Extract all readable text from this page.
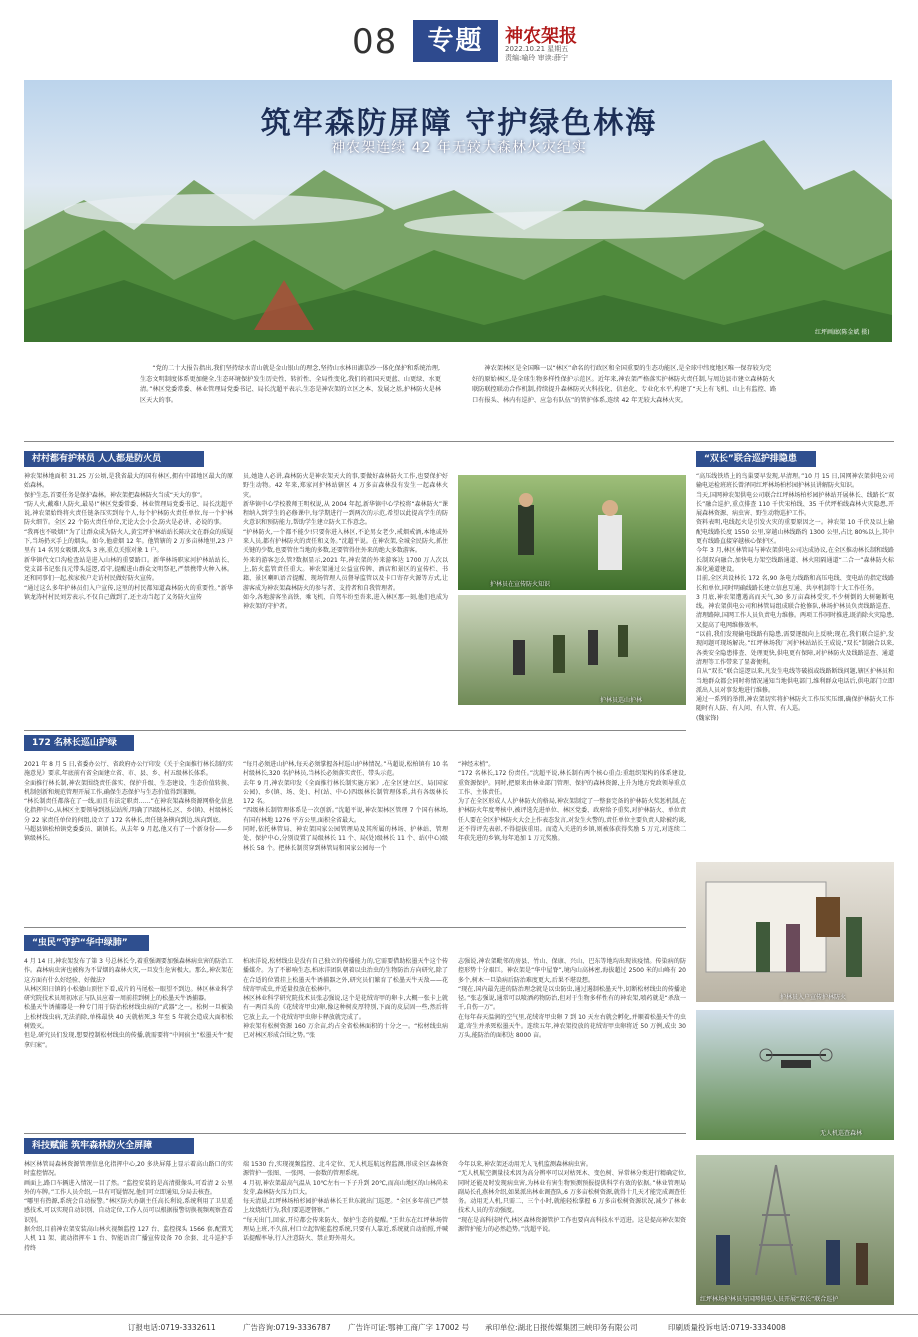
08	专题	神农架报
2022.10.21 星期五
责编:喻玲 审读:薛宁
筑牢森防屏障 守护绿色林海
神农架连续 42 年无较大森林火灾纪实
红坪画廊(陈金斌 摄)
“党的二十大报告指出,我们坚持绿水青山就是金山银山的理念,坚持山水林田湖草沙一体化保护和系统治理,生态文明制度体系更加健全,生态环境保护发生历史性、转折性、全局性变化,我们的祖国天更蓝、山更绿、水更清。”林区党委常委、林业管理局党委书记、局长沈超平表示,生态是神农架的立区之本、发展之基,护林防火是林区天大的事。
神农架林区是全国唯一以“林区”命名的行政区和全国重要的生态功能区,是全球中纬度地区唯一保存较为完好的原始林区,是全球生物多样性保护示范区。近年来,神农架严格落实护林防火责任制,与周边县市建立森林防火联防联控联动合作机制,持续提升森林防灭火科技化、信息化、专业化水平,构建了“天上有飞机、山上有监控、路口有报头、林内有巡护、应急有队伍”的管护体系,连续 42 年无较大森林火灾。
村村都有护林员 人人都是防火员
神农架林地面积 31.25 万公顷,是我省最大的国有林区,拥有中部地区最大的原始森林。
保护生态,首要任务是保护森林。神农架把森林防火当成“天大的事”。
“防人火,戴难!人防火,最易!”林区党委常委、林业管理局党委书记、局长沈超平说,神农架始终将火责任链条压实到每个人,每个护林防火责任单位,每一个护林防火细节。全区 22 个防火责任单位,无论大会小会,防火是必讲、必说的事。
“我再也不吸烟!”为了让群众成为防火人,黄宝坪护林站站长陈庆文在群众的质疑下,当场扔灭手上的烟头。如今,他虚烟 12 年。他管辖的 2 万多亩林地里,23 户里有 14 名男女吸烟,坎头 3 座,重点关照对象 1 户。
新华镇代文口沟检查站是进入山林的重要路口。新华林场职家河护林站站长、党支部书记张良元带头巡逻,看守,提醒进山群众文明祭祀,严禁携带火种入林。还和同事们一起,挨家挨户走访村民做好防火宣传。
“通过这么多年护林员们入户宣传,这里的村民都知道森林防火的重要性。”新华镇龙涛村村民刘芳表示,不仅自己做到了,还主动当起了义务防火宣传
员,她逢人必讲,森林防火是神农架天大的事,要做好森林防火工作,也要保护好野生动物。42 年来,郑家河护林站辖区 4 万多亩森林没有发生一起森林火灾。
新华镇中心学校教师王明权说,从 2004 年起,新华镇中心学校将“森林防火”课程纳入到学生的必修课中,每学期进行一到两次的示范,希望以此提高学生的防火意识和预防能力,帮助学生建立防火工作意念。
“护林防火,一个都不能少!只要你进入林区,不论男女老少,戒烟戒酒,本地或外来人员,都有护林防火的责任和义务。”沈超平说。在神农架,全城全民防火,抓住关键的少数,也要管住当地的多数,还要管得住外来的绝大多数游客。
外来的游客怎么管?数据显示,2021 年,神农架的外来游客达 1700 万人次以上,防火监管责任重大。神农架通过公益宣传牌、酒店和景区的宣传栏、书籍、景区喇叭语音提醒、现场管理人员督导监管以及卡口寄存火源等方式,让游客成为神农架森林防火的参与者、支持者和自我管理者。
如今,各地游客坐高铁、乘飞机、自驾车纷至沓来,进入林区那一刻,他们也成为神农架的守护者。
护林员在宣传防火知识
护林员巡山护林
“双长”联合巡护排隐患
“高压线铁塔上的鸟巢要早发现,早清理。”10 月 15 日,国网神农架供电公司输电运检班班长曾泽同红坪林场柏杉园护林员讲解防火知识。
当天,国网神农架供电公司联合红坪林场柏杉园护林站开展林长、线路长“双长”融合巡护,重点排查 110 千伏宋柏线、35 千伏坪柏线森林火灾隐患,开展森林资源、病虫害、野生动物巡护工作。
资料表明,电线起火是引发火灾的重要原因之一。神农架 10 千伏及以上输配电线路长度 1550 公里,穿越山林线路约 1300 公里,占比 80%以上,其中更有线路直接穿越核心保护区。
今年 3 月,林区林管局与神农架供电公司达成协议,在全区推动林长制和线路长制双向融合,加快电力架空线路通道、林火阻隔通道“二合一”森林防火标准化通道建设。
目前,全区共设林长 172 名,90 条电力线路和高压电线、变电站的指定线路长和单位,同时明确线路长建立信息互通、共享机制等十大工作任务。
3 月底,神农架遭遇高而天气,30 多万亩森林受灾,不少树倒的大树砸断电线。神农架供电公司和林管局组成联合抢修队,林场护林员负责线路巡查、清理路障,国网工作人员负责电力维修。两项工作同时推进,既消除火灾隐患,又提高了电网维修效率。
“以前,我们发现输电线路有隐患,需要逐级向上反映;现在,我们联合巡护,发现问题可现场解决。”红坪林场我厂河护林站站长王成说,“双长”制融合以来,各类安全隐患排查、处理更快,供电更有保障,对护林防火及线路巡查、通道清理等工作带来了显著便利。
自从“双长”联合巡逻以来,凡发生电线等破损或线路断线问题,辖区护林员和当地群众都会同时将情况通知当地供电部门,维利群众电话后,供电部门立即派出人员对事发地进行维修。
通过一系列的举措,神农架切实将护林防火工作压实压细,确保护林防火工作随时有人防、有人问、有人管、有人巡。
(魏家锋)
172 名林长巡山护绿
2021 年 8 月 5 日,省委办公厅、省政府办公厅印发《关于全面推行林长制的实施意见》要求,年底前有省全面建立省、市、县、乡、村五级林长体系。
全面推行林长制,神农架围绕责任落实、保护升级、生态建设、生态价值转换、机制创新和规范管理开展工作,确保生态保护与生态价值得到兼顾。
“林长制责任都落在了一线,而且有法定职责……”在神农架森林资源网格化信息化指挥中心,从林区主要领导到基层站所,明确了四级林长,区、乡(镇)、村级林长分 22 家责任单位的何组,设立了 172 名林长,责任链条横向到边,纵向到底。
马超县镇松柏镇党委委员、副镇长。从去年 9 月起,他又有了一个新身份——乡镇级林长。
“每月必须进山护林,每天必须掌握各村巡山护林情况。”马超说,松柏镇有 10 名村级林长,320 名护林员,当林长必须落实责任、带头示范。
去年 9 月,神农架印发《全面推行林长制实施方案》,在全区建立区、局(国家公园)、乡(镇、场、处)、村(站、中心)四级林长制管理体系,共有各级林长 172 名。
“四级林长制管理体系是一次创新。”沈超平说,神农架林区管理 7 个国有林场,有国有林地 1276 平方公里,面积全省最大。
同时,依托林管局、神农架国家公园管理局及其所属的林场、护林站、管理处、保护中心,分别设置了局级林长 11 个、局(处)级林长 11 个、站(中心)级林长 58 个。把林长制贯穿到林管局和国家公园每一个
“神经末梢”。
“172 名林长,172 份责任。”沈超平说,林长制有两个核心重点:重组织架构的体系建设,重资源保护。同时,把原来由林业部门管理、保护的森林资源,上升为地方党政领导重点工作、主体责任。
为了在全区形成人人护林防火的格局,神农架制定了一整套完备的护林防火奖惩机制,在护林防火年度考核中,被评选先进单位、林区党委、政府给予重奖,对护林防火、单位责任人要在全区护林防火大会上作表态发言,对发生火警的,责任单位主要负责人除被约谈,还不得评先表彰,不得提拔重用。而造入关进的乡镇,则被体获得奖励 5 万元,对连续二年获先进的乡镇,每年追加 1 万元奖励。
护林员入户宣传护林防火
无人机巡查森林
红坪林场护林员与国网供电人员开展“双长”联合巡护
“虫民”守护“华中绿肺”
4 月 14 日,神农架发布了第 3 号总林长令,着重强调要加强森林病虫害的防治工作。森林病虫害也被称为不冒烟的森林火灾,一旦发生危害极大。那么,神农架在这方面有什么好经验、好做法?
从林区阳日镇的小松德山顶往下看,成片的马尾松一眼望不到边。林区林业科学研究院技术员周初冰正与队员应着一周前挂到树上的松墨天牛诱捕器。
松墨天牛诱捕器是一种专门用于防治松材线虫病的“武器”之一。松树一旦被染上松材线虫病,无法消除,单株最快 40 天就枯死,3 年至 5 年就会造成大面积松树毁灭。
但是,研究员们发现,想要控制松材线虫的传播,就需要将“中间宿主”松墨天牛“捉拿归案”。
柏冰洋说,松材线虫是没有自己独立的传播能力的,它需要借助松墨天牛这个传播媒介。为了不影响生态,柏冰洋团队朝着以虫治虫的生物防治方向研究,除了在合适的位置挂上松墨天牛诱捕器之外,研究员们繁育了松墨天牛天敌——花绒寄甲成虫,并适量投放在松林中。
林区林业科学研究院技术员张志强说,这个是花绒寄甲的卵卡,大概一张卡上就有一两百头的《花绒寄甲虫)卵,像这种树皮厚特别,下面的皮层固一些,然后将它放上去,一个花绒寄甲虫卵卡释放就完成了。
神农架有松树资源 160 万余亩,约占全省松林面积的十分之一。“松材线虫病已对林区形成合围之势。”张
志强说,神农架毗邻的房县、竹山、保康、兴山、巴东等地均出现该疫情。传染病的防控形势十分艰巨。神农架是“华中屋脊”,境内山高林密,海拔超过 2500 米的山峰有 20 多个,树木一旦染病后防治难度更大,后果不堪设想。
“现在,国内最先进的防治理念就是以虫防虫,通过遏制松墨天牛,切断松材线虫的传播途径。”张志强说,通常可以喷洒药物防治,但对于生物多样性有的神农架,喷药就是“杀敌一千,自伤一万”。
在每年春天温润的空气里,花绒寄甲虫卵 7 到 10 天左右就会孵化,并顺着松墨天牛的虫道,寄生并杀死松墨天牛。连续五年,神农架投放的花绒寄甲虫卵将近 50 万例,成虫 30 万头,能防治的面积达 8000 亩。
科技赋能 筑牢森林防火全屏障
林区林管局森林资源管理信息化指挥中心,20 多块屏幕上显示着高山路口的实时监控情况。
画面上,路口车辆进入情况一目了然。“监控安装的是高清摄像头,可看清 2 公里外的车牌。”工作人员介绍,一旦有可疑情况,他们可立即通知,分局去核查。
“哪里有热源,系统会自动报警。”林区防火办副主任高长利说,系统利用了卫星遥感技术,可以实现自动识别、自动定位,工作人员可以根据报警切换视频观察查看识别。
据介绍,目前神农架安装高山林火视频监控 127 台、监控探头 1566 套,配置无人机 11 架、流动指挥车 1 台、智能语音广播宣传设备 70 余套、北斗巡护手持终
端 1530 台,实现视频监控、北斗定位、无人机巡航远程监测,形成全区森林资源管护一张图、一张网、一套数的管理系统。
4 月初,神农架最高气温从 10℃左右一下子升到 20℃,而高山地区的山林尚未发芽,森林防火压力巨大。
每天清晨,红坪林场柏杉园护林站林长王世东就出门巡逻。“全区多年前已严禁上坟烧纸行为,我们要巡逻督察。”
“每天出门,回家,开垃都会传来防火、保护生态的提醒。”王世东在红坪林场管理局上班,不久前,村口立起智能监控系统,只要有人靠近,系统就自动拍照,并喊话提醒率导,行人注意防火、禁止野外用火。
今年以来,神农架还动用无人飞机监测森林病虫害。
“无人机航空测量技术因为高分辨率可以对枯死木、变色树、异常林分类进行精确定位,同时还能及时发现病虫害,为林业有害生物预测预报提供科学有效的依据。”林业管理局副局长孔燕林介绍,如果派出林业调查队,6 万多亩松树资源,就得十几天才能完成调查任务。动用无人机,只需二、三个小时,就能轻松掌握 6 万多亩松树资源状况,减少了林业技术人员的劳动强度。
“现在是高科技时代,林区森林资源管护工作也要向高科技水平迈进。这是提高神农架资源管护能力的必然趋势。”沈超平说。
订报电话:0719-3332611	广告咨询:0719-3336787 广告许可证:鄂神工商广字 17002 号 承印单位:湖北日报传媒集团三峡印务有限公司	印刷质量投诉电话:0719-3334008
